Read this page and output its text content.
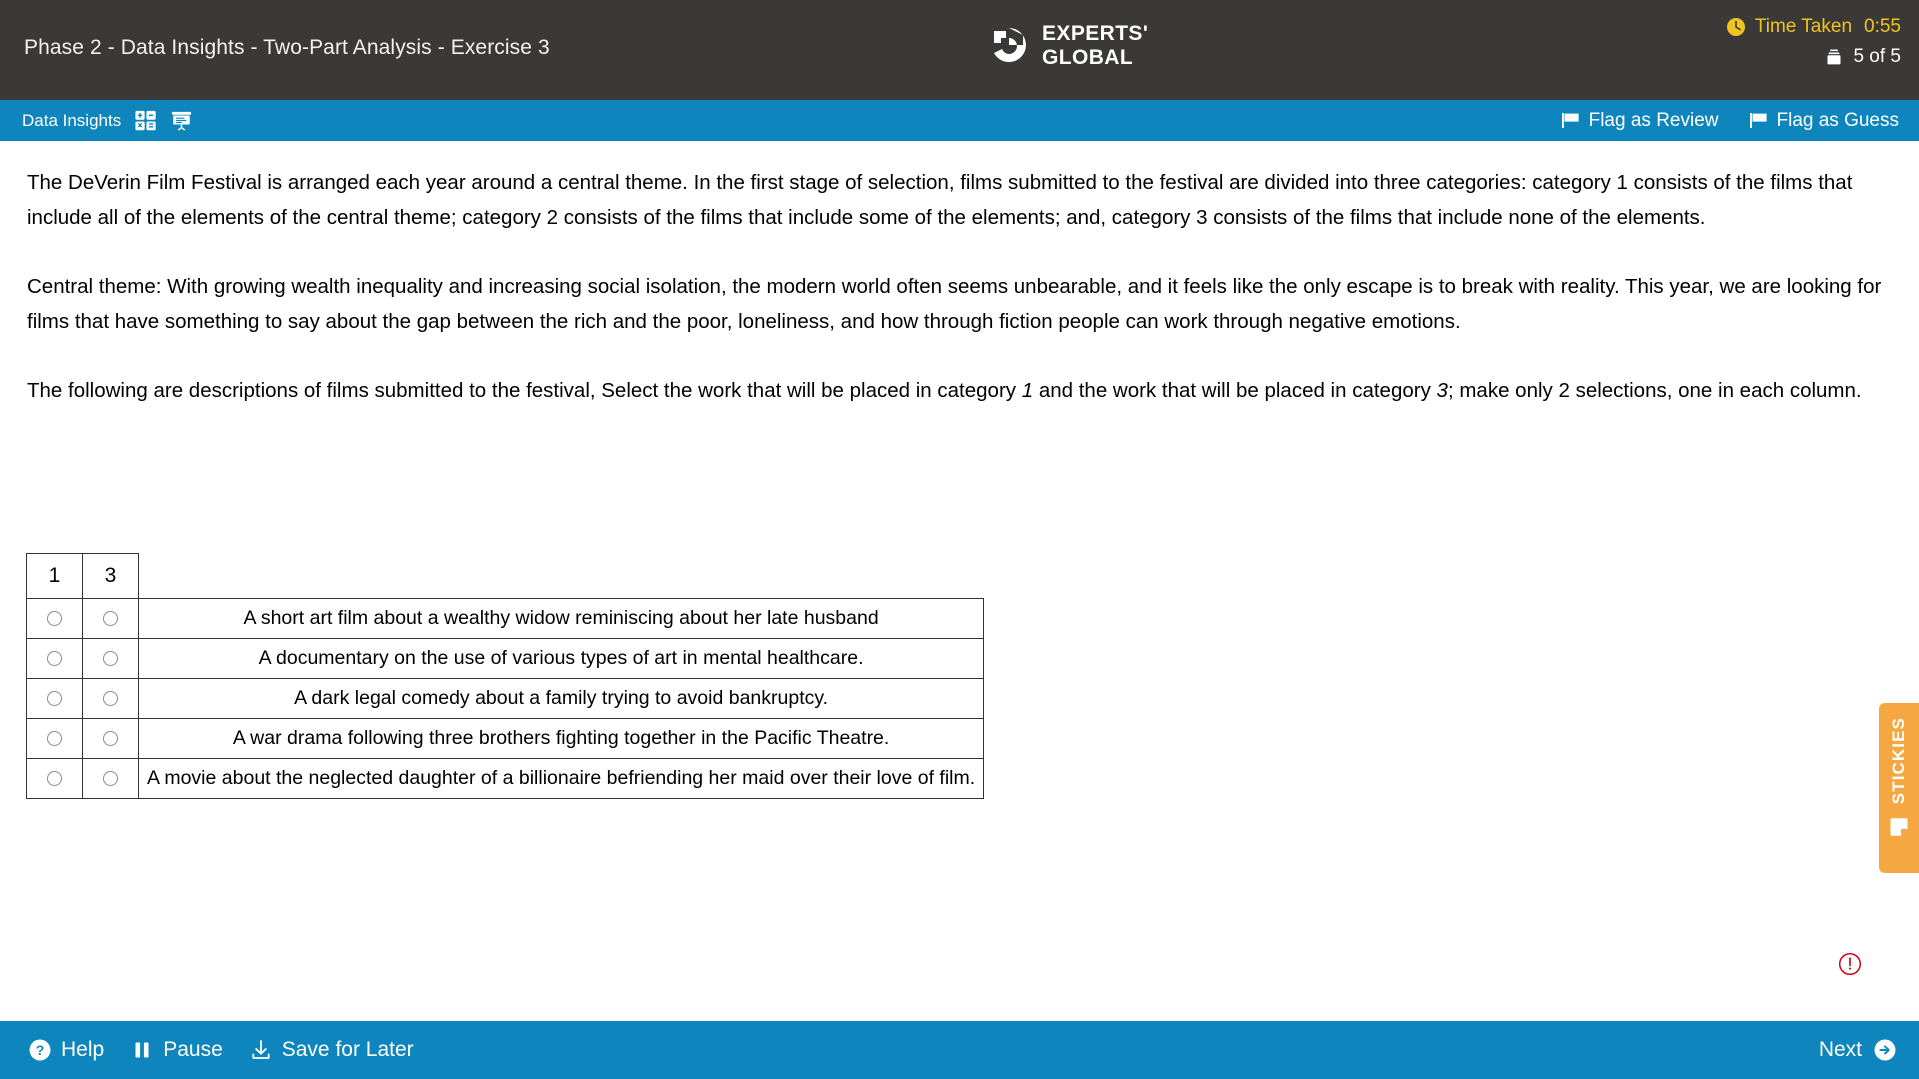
Phase 2 - Data Insights - Two-Part Analysis - Exercise 3
EXPERTS'
GLOBAL
Time Taken 0:55
5 of 5
Data Insights	Flag as Review	Flag as Guess

The DeVerin Film Festival is arranged each year around a central theme. In the first stage of selection, films submitted to the festival are divided into three categories: category 1 consists of the films that include all of the elements of the central theme; category 2 consists of the films that include some of the elements; and, category 3 consists of the films that include none of the elements.

Central theme: With growing wealth inequality and increasing social isolation, the modern world often seems unbearable, and it feels like the only escape is to break with reality. This year, we are looking for films that have something to say about the gap between the rich and the poor, loneliness, and how through fiction people can work through negative emotions.

The following are descriptions of films submitted to the festival, Select the work that will be placed in category 1 and the work that will be placed in category 3; make only 2 selections, one in each column.

1	3	
		A short art film about a wealthy widow reminiscing about her late husband
		A documentary on the use of various types of art in mental healthcare.
		A dark legal comedy about a family trying to avoid bankruptcy.
		A war drama following three brothers fighting together in the Pacific Theatre.
		A movie about the neglected daughter of a billionaire befriending her maid over their love of film.	STICKIES
? Help	Pause	Save for Later	Next
